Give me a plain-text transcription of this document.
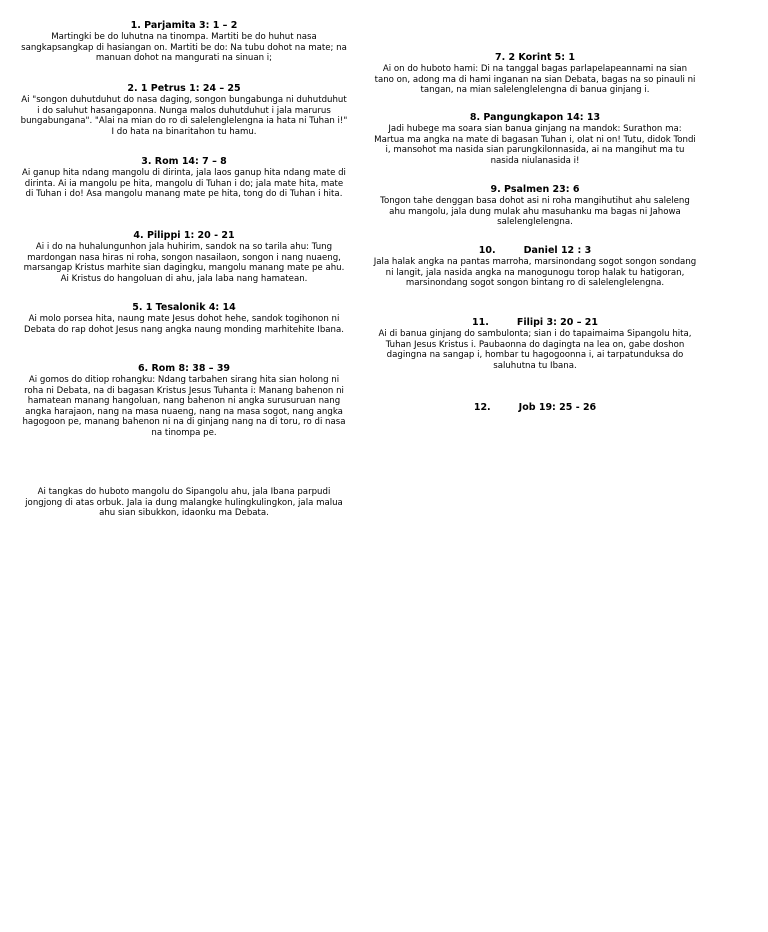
1. Parjamita 3: 1 – 2
Martingki be do luhutna na tinompa. Martiti be do huhut nasa sangkapsangkap di hasiangan on. Martiti be do: Na tubu dohot na mate; na manuan dohot na mangurati na sinuan i;
2. 1 Petrus 1: 24 – 25
Ai "songon duhutduhut do nasa daging, songon bungabunga ni duhutduhut i do saluhut hasangaponna. Nunga malos duhutduhut i jala marurus bungabungana". "Alai na mian do ro di salelenglelengna ia hata ni Tuhan i!" I do hata na binaritahon tu hamu.
3. Rom 14: 7 – 8
Ai ganup hita ndang mangolu di dirinta, jala laos ganup hita ndang mate di dirinta. Ai ia mangolu pe hita, mangolu di Tuhan i do; jala mate hita, mate di Tuhan i do! Asa mangolu manang mate pe hita, tong do di Tuhan i hita.
4. Pilippi 1: 20 - 21
Ai i do na huhalungunhon jala huhirim, sandok na so tarila ahu: Tung mardongan nasa hiras ni roha, songon nasailaon, songon i nang nuaeng, marsangap Kristus marhite sian dagingku, mangolu manang mate pe ahu. Ai Kristus do hangoluan di ahu, jala laba nang hamatean.
5. 1 Tesalonik 4: 14
Ai molo porsea hita, naung mate Jesus dohot hehe, sandok togihonon ni Debata do rap dohot Jesus nang angka naung monding marhitehite Ibana.
6. Rom 8: 38 – 39
Ai gomos do ditiop rohangku: Ndang tarbahen sirang hita sian holong ni roha ni Debata, na di bagasan Kristus Jesus Tuhanta i: Manang bahenon ni hamatean manang hangoluan, nang bahenon ni angka surusuruan nang angka harajaon, nang na masa nuaeng, nang na masa sogot, nang angka hagogoon pe, manang bahenon ni na di ginjang nang na di toru, ro di nasa na tinompa pe.
Ai tangkas do huboto mangolu do Sipangolu ahu, jala Ibana parpudi jongjong di atas orbuk. Jala ia dung malangke hulingkulingkon, jala malua ahu sian sibukkon, idaonku ma Debata.
7. 2 Korint 5: 1
Ai on do huboto hami: Di na tanggal bagas parlapelapeannami na sian tano on, adong ma di hami inganan na sian Debata, bagas na so pinauli ni tangan, na mian salelenglelengna di banua ginjang i.
8. Pangungkapon 14: 13
Jadi hubege ma soara sian banua ginjang na mandok: Surathon ma: Martua ma angka na mate di bagasan Tuhan i, olat ni on! Tutu, didok Tondi i, mansohot ma nasida sian parungkilonnasida, ai na mangihut ma tu nasida niulanasida i!
9. Psalmen 23: 6
Tongon tahe denggan basa dohot asi ni roha mangihutihut ahu saleleng ahu mangolu, jala dung mulak ahu masuhanku ma bagas ni Jahowa salelenglelengna.
10.	Daniel 12 : 3
Jala halak angka na pantas marroha, marsinondang sogot songon sondang ni langit, jala nasida angka na manogunogu torop halak tu hatigoran, marsinondang sogot songon bintang ro di salelenglelengna.
11.	Filipi 3: 20 – 21
Ai di banua ginjang do sambulonta; sian i do tapaimaima Sipangolu hita, Tuhan Jesus Kristus i. Paubaonna do dagingta na lea on, gabe doshon dagingna na sangap i, hombar tu hagogoonna i, ai tarpatunduksa do saluhutna tu Ibana.
12.	Job 19: 25 - 26
